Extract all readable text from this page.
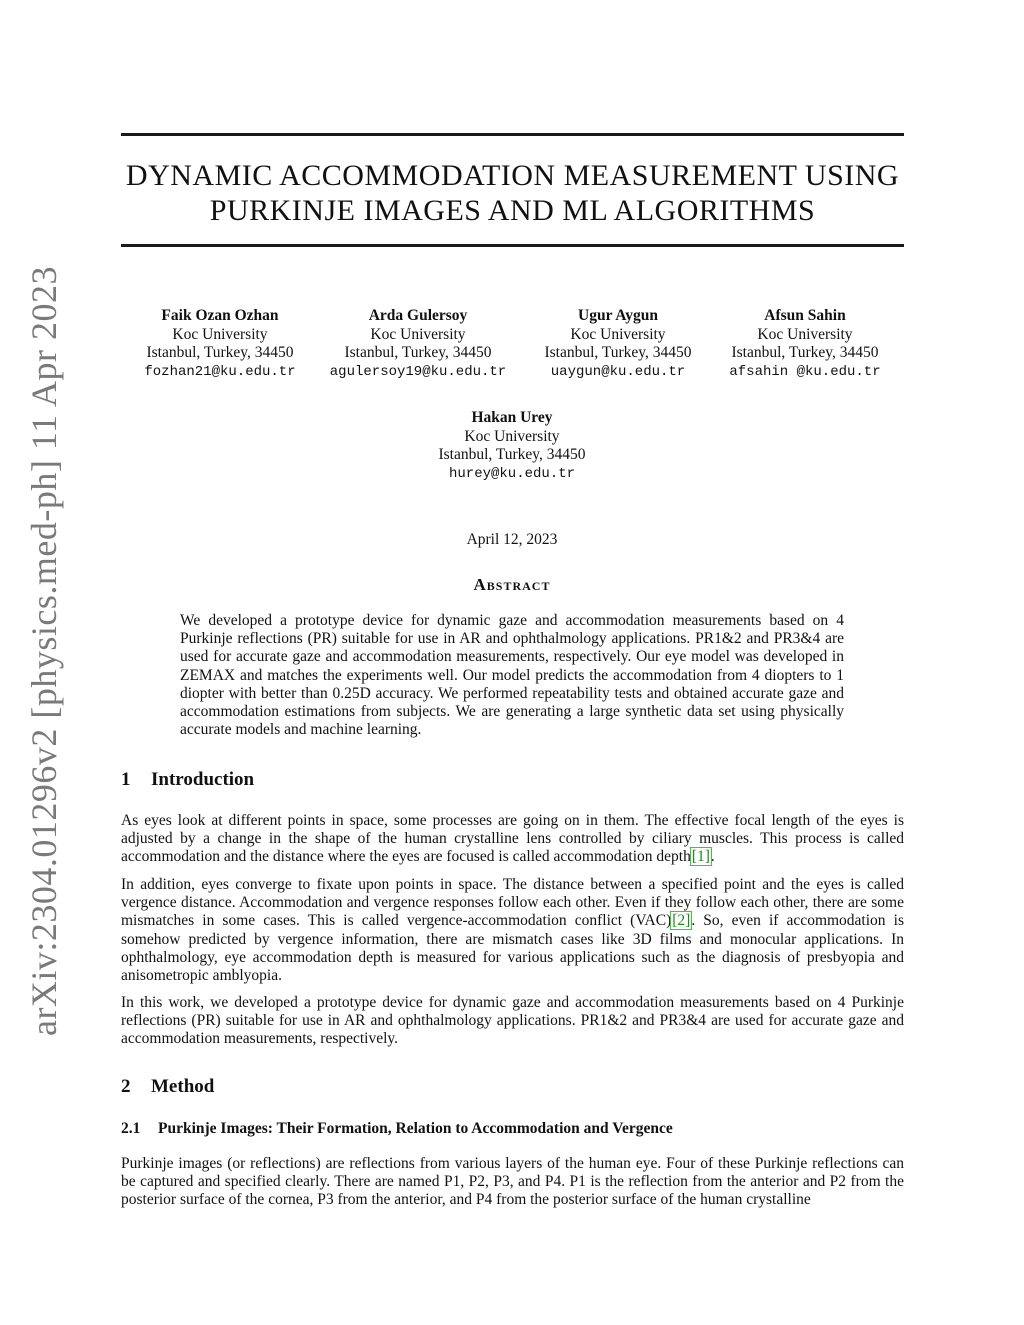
arXiv:2304.01296v2 [physics.med-ph] 11 Apr 2023
DYNAMIC ACCOMMODATION MEASUREMENT USING
PURKINJE IMAGES AND ML ALGORITHMS
Faik Ozan Ozhan
Koc University
Istanbul, Turkey, 34450
fozhan21@ku.edu.tr
Arda Gulersoy
Koc University
Istanbul, Turkey, 34450
agulersoy19@ku.edu.tr
Ugur Aygun
Koc University
Istanbul, Turkey, 34450
uaygun@ku.edu.tr
Afsun Sahin
Koc University
Istanbul, Turkey, 34450
afsahin @ku.edu.tr
Hakan Urey
Koc University
Istanbul, Turkey, 34450
hurey@ku.edu.tr
April 12, 2023
Abstract

We developed a prototype device for dynamic gaze and accommodation measurements based on 4 Purkinje reflections (PR) suitable for use in AR and ophthalmology applications. PR1&2 and PR3&4 are used for accurate gaze and accommodation measurements, respectively. Our eye model was developed in ZEMAX and matches the experiments well. Our model predicts the accommodation from 4 diopters to 1 diopter with better than 0.25D accuracy. We performed repeatability tests and obtained accurate gaze and accommodation estimations from subjects. We are generating a large synthetic data set using physically accurate models and machine learning.

1 Introduction

As eyes look at different points in space, some processes are going on in them. The effective focal length of the eyes is adjusted by a change in the shape of the human crystalline lens controlled by ciliary muscles. This process is called accommodation and the distance where the eyes are focused is called accommodation depth[1].

In addition, eyes converge to fixate upon points in space. The distance between a specified point and the eyes is called vergence distance. Accommodation and vergence responses follow each other. Even if they follow each other, there are some mismatches in some cases. This is called vergence-accommodation conflict (VAC)[2]. So, even if accommodation is somehow predicted by vergence information, there are mismatch cases like 3D films and monocular applications. In ophthalmology, eye accommodation depth is measured for various applications such as the diagnosis of presbyopia and anisometropic amblyopia.

In this work, we developed a prototype device for dynamic gaze and accommodation measurements based on 4 Purkinje reflections (PR) suitable for use in AR and ophthalmology applications. PR1&2 and PR3&4 are used for accurate gaze and accommodation measurements, respectively.

2 Method
2.1 Purkinje Images: Their Formation, Relation to Accommodation and Vergence

Purkinje images (or reflections) are reflections from various layers of the human eye. Four of these Purkinje reflections can be captured and specified clearly. There are named P1, P2, P3, and P4. P1 is the reflection from the anterior and P2 from the posterior surface of the cornea, P3 from the anterior, and P4 from the posterior surface of the human crystalline
